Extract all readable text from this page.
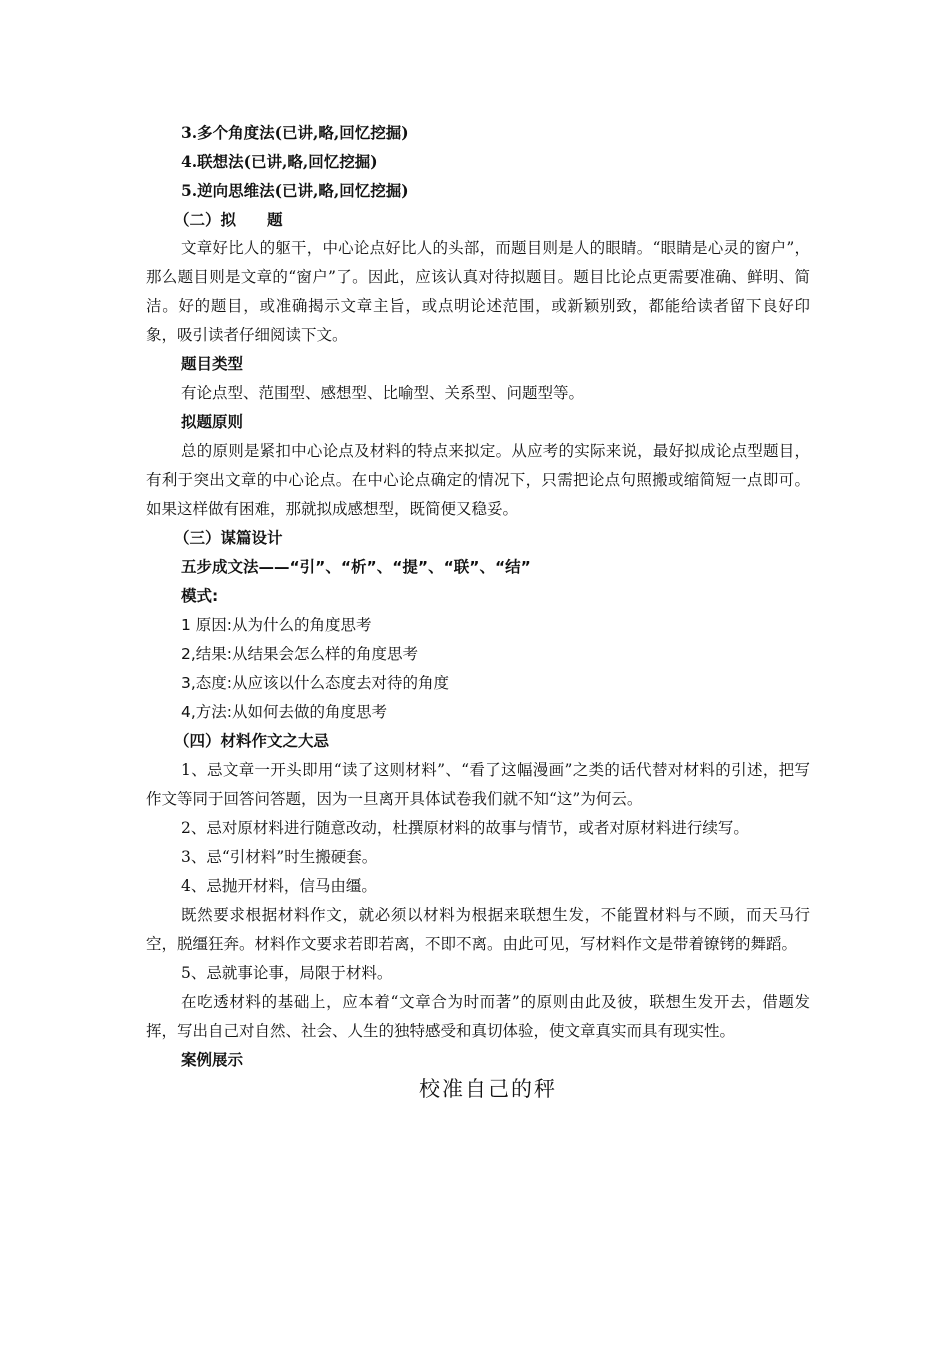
3.多个角度法(已讲,略,回忆挖掘)

4.联想法(已讲,略,回忆挖掘)

5.逆向思维法(已讲,略,回忆挖掘)

（二）拟　　题

文章好比人的躯干，中心论点好比人的头部，而题目则是人的眼睛。“眼睛是心灵的窗户”，那么题目则是文章的“窗户”了。因此，应该认真对待拟题目。题目比论点更需要准确、鲜明、简洁。好的题目，或准确揭示文章主旨，或点明论述范围，或新颖别致，都能给读者留下良好印象，吸引读者仔细阅读下文。

题目类型

有论点型、范围型、感想型、比喻型、关系型、问题型等。

拟题原则

总的原则是紧扣中心论点及材料的特点来拟定。从应考的实际来说，最好拟成论点型题目，有利于突出文章的中心论点。在中心论点确定的情况下，只需把论点句照搬或缩简短一点即可。如果这样做有困难，那就拟成感想型，既简便又稳妥。

（三）谋篇设计

五步成文法——“引”、“析”、“提”、“联”、“结”

模式:

1 原因:从为什么的角度思考

2,结果:从结果会怎么样的角度思考

3,态度:从应该以什么态度去对待的角度

4,方法:从如何去做的角度思考

（四）材料作文之大忌

1、忌文章一开头即用“读了这则材料”、“看了这幅漫画”之类的话代替对材料的引述，把写作文等同于回答问答题，因为一旦离开具体试卷我们就不知“这”为何云。

2、忌对原材料进行随意改动，杜撰原材料的故事与情节，或者对原材料进行续写。

3、忌“引材料”时生搬硬套。

4、忌抛开材料，信马由缰。

既然要求根据材料作文，就必须以材料为根据来联想生发，不能置材料与不顾，而天马行空，脱缰狂奔。材料作文要求若即若离，不即不离。由此可见，写材料作文是带着镣铐的舞蹈。

5、忌就事论事，局限于材料。

在吃透材料的基础上，应本着“文章合为时而著”的原则由此及彼，联想生发开去，借题发挥，写出自己对自然、社会、人生的独特感受和真切体验，使文章真实而具有现实性。

案例展示

校准自己的秤
